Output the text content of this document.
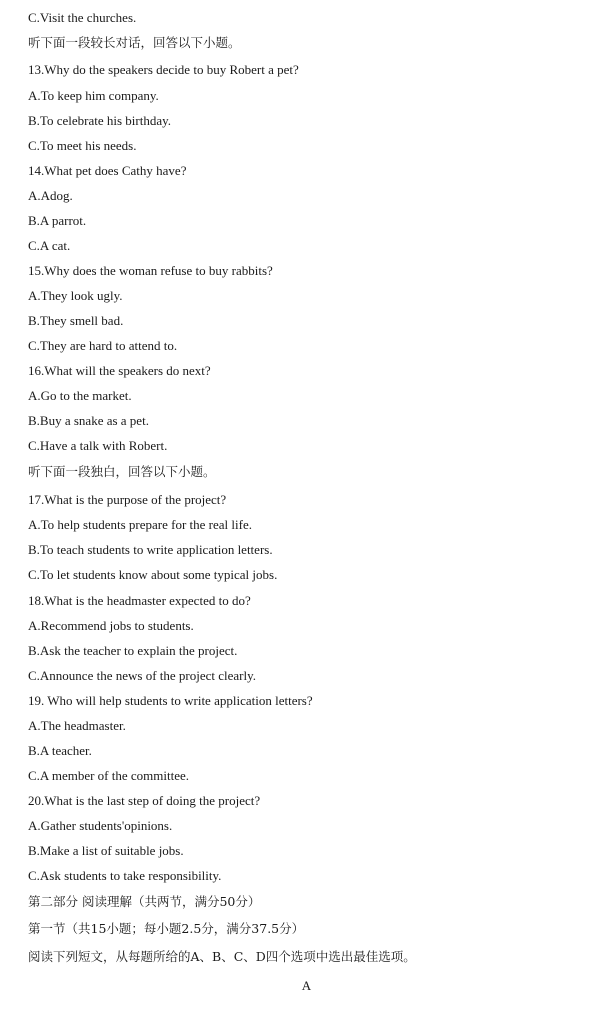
C.Visit the churches.
听下面一段较长对话，回答以下小题。
13.Why do the speakers decide to buy Robert a pet?
A.To keep him company.
B.To celebrate his birthday.
C.To meet his needs.
14.What pet does Cathy have?
A.Adog.
B.A parrot.
C.A cat.
15.Why does the woman refuse to buy rabbits?
A.They look ugly.
B.They smell bad.
C.They are hard to attend to.
16.What will the speakers do next?
A.Go to the market.
B.Buy a snake as a pet.
C.Have a talk with Robert.
听下面一段独白，回答以下小题。
17.What is the purpose of the project?
A.To help students prepare for the real life.
B.To teach students to write application letters.
C.To let students know about some typical jobs.
18.What is the headmaster expected to do?
A.Recommend jobs to students.
B.Ask the teacher to explain the project.
C.Announce the news of the project clearly.
19. Who will help students to write application letters?
A.The headmaster.
B.A teacher.
C.A member of the committee.
20.What is the last step of doing the project?
A.Gather students'opinions.
B.Make a list of suitable jobs.
C.Ask students to take responsibility.
第二部分 阅读理解（共两节，满分50分）
第一节（共15小题；每小题2.5分，满分37.5分）
阅读下列短文，从每题所给的A、B、C、D四个选项中选出最佳选项。
A
